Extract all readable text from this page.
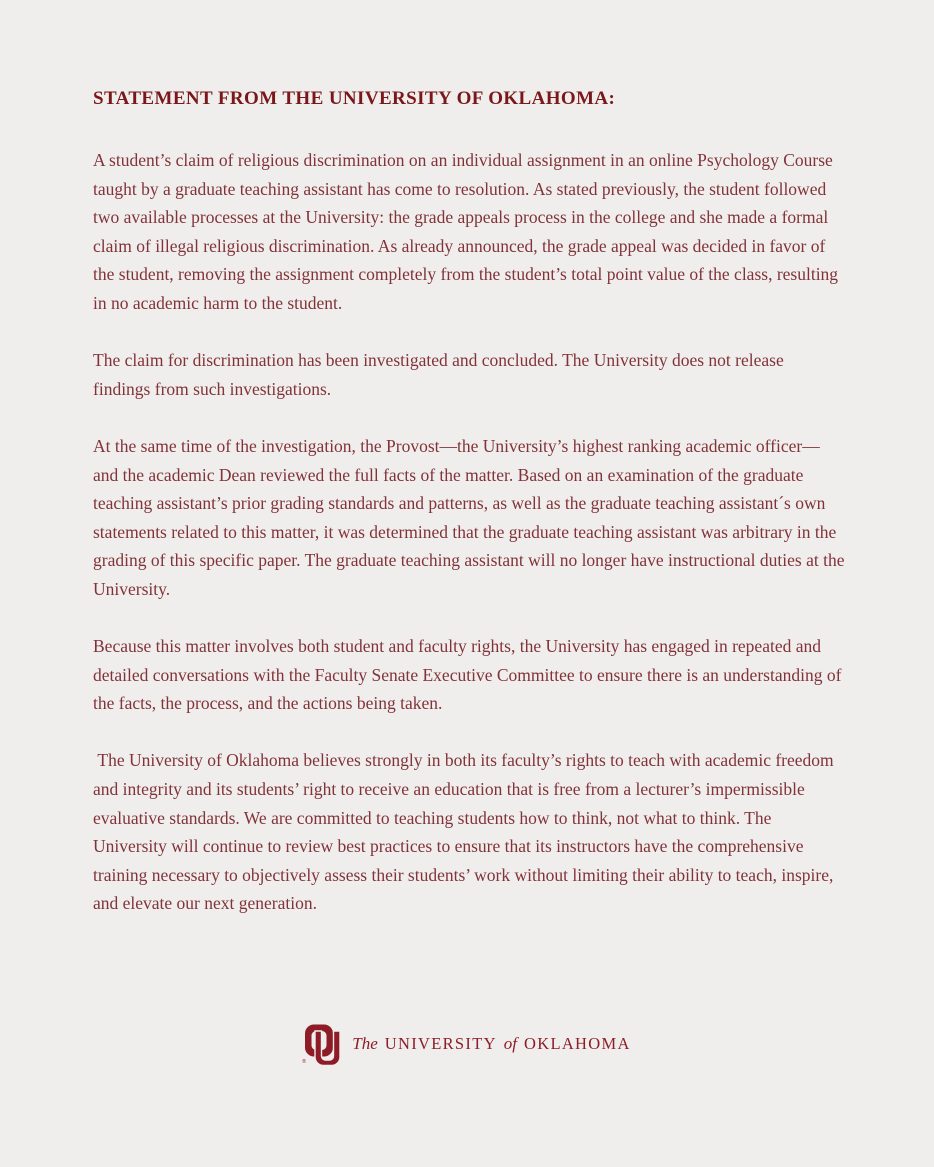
STATEMENT FROM THE UNIVERSITY OF OKLAHOMA:

A student’s claim of religious discrimination on an individual assignment in an online Psychology Course taught by a graduate teaching assistant has come to resolution. As stated previously, the student followed two available processes at the University: the grade appeals process in the college and she made a formal claim of illegal religious discrimination. As already announced, the grade appeal was decided in favor of the student, removing the assignment completely from the student’s total point value of the class, resulting in no academic harm to the student.

The claim for discrimination has been investigated and concluded. The University does not release findings from such investigations.

At the same time of the investigation, the Provost—the University’s highest ranking academic officer— and the academic Dean reviewed the full facts of the matter. Based on an examination of the graduate teaching assistant’s prior grading standards and patterns, as well as the graduate teaching assistant´s own statements related to this matter, it was determined that the graduate teaching assistant was arbitrary in the grading of this specific paper. The graduate teaching assistant will no longer have instructional duties at the University.

Because this matter involves both student and faculty rights, the University has engaged in repeated and detailed conversations with the Faculty Senate Executive Committee to ensure there is an understanding of the facts, the process, and the actions being taken.

The University of Oklahoma believes strongly in both its faculty’s rights to teach with academic freedom and integrity and its students’ right to receive an education that is free from a lecturer’s impermissible evaluative standards. We are committed to teaching students how to think, not what to think. The University will continue to review best practices to ensure that its instructors have the comprehensive training necessary to objectively assess their students’ work without limiting their ability to teach, inspire, and elevate our next generation.

®
The UNIVERSITY of OKLAHOMA
